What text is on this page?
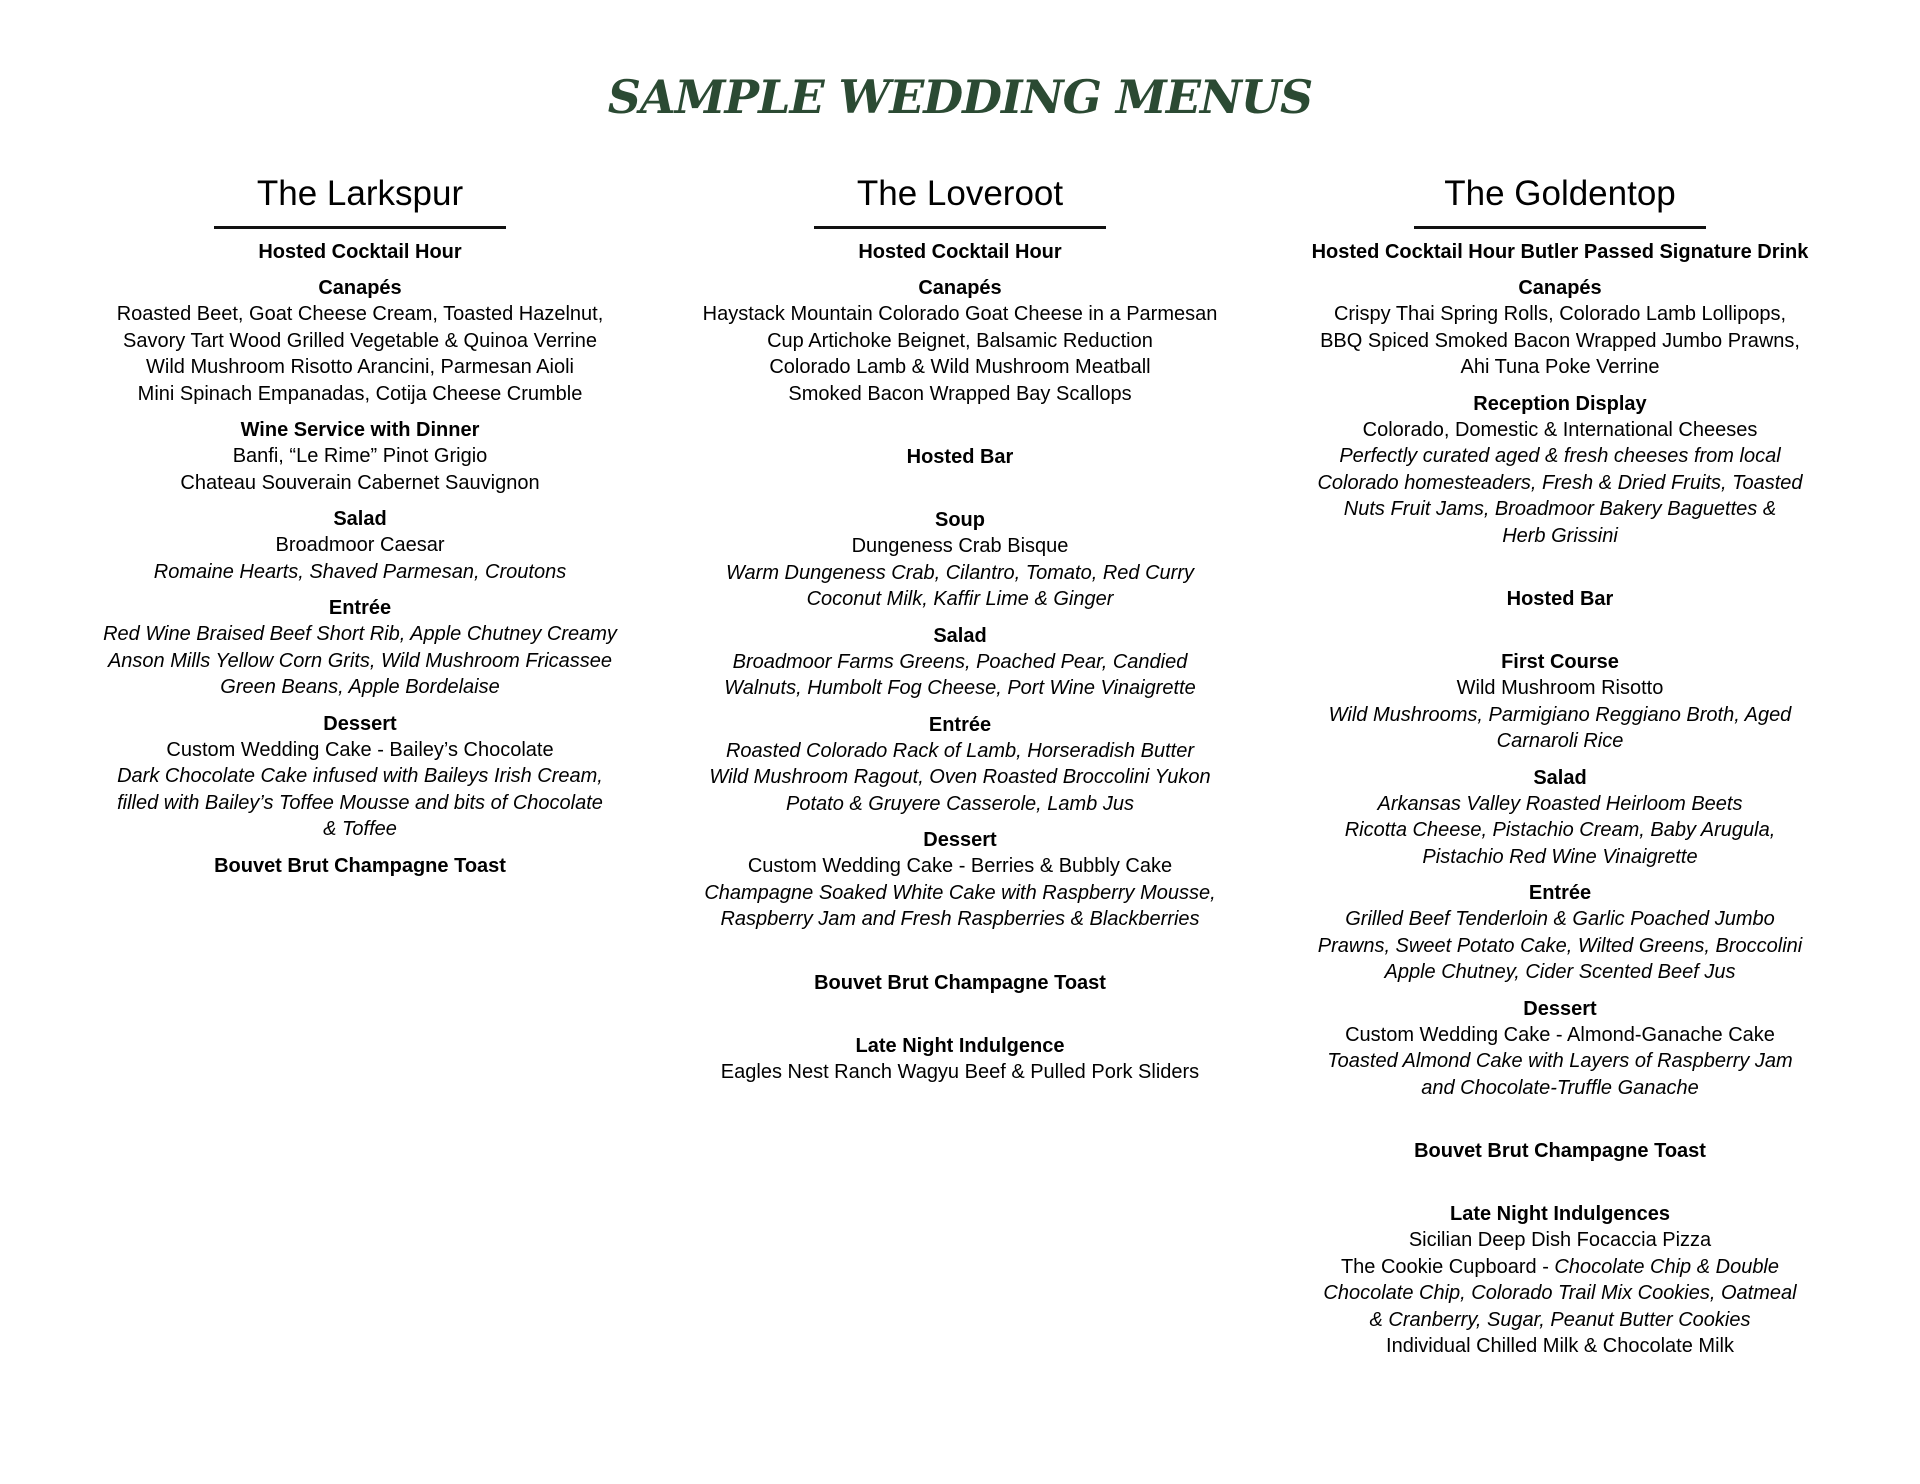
SAMPLE WEDDING MENUS
The Larkspur
Hosted Cocktail Hour
Canapés
Roasted Beet, Goat Cheese Cream, Toasted Hazelnut,
Savory Tart Wood Grilled Vegetable & Quinoa Verrine
Wild Mushroom Risotto Arancini, Parmesan Aioli
Mini Spinach Empanadas, Cotija Cheese Crumble
Wine Service with Dinner
Banfi, “Le Rime” Pinot Grigio
Chateau Souverain Cabernet Sauvignon
Salad
Broadmoor Caesar
Romaine Hearts, Shaved Parmesan, Croutons
Entrée
Red Wine Braised Beef Short Rib, Apple Chutney Creamy
Anson Mills Yellow Corn Grits, Wild Mushroom Fricassee
Green Beans, Apple Bordelaise
Dessert
Custom Wedding Cake - Bailey’s Chocolate
Dark Chocolate Cake infused with Baileys Irish Cream,
filled with Bailey’s Toffee Mousse and bits of Chocolate
& Toffee
Bouvet Brut Champagne Toast
The Loveroot
Hosted Cocktail Hour
Canapés
Haystack Mountain Colorado Goat Cheese in a Parmesan
Cup Artichoke Beignet, Balsamic Reduction
Colorado Lamb & Wild Mushroom Meatball
Smoked Bacon Wrapped Bay Scallops
Hosted Bar
Soup
Dungeness Crab Bisque
Warm Dungeness Crab, Cilantro, Tomato, Red Curry
Coconut Milk, Kaffir Lime & Ginger
Salad
Broadmoor Farms Greens, Poached Pear, Candied
Walnuts, Humbolt Fog Cheese, Port Wine Vinaigrette
Entrée
Roasted Colorado Rack of Lamb, Horseradish Butter
Wild Mushroom Ragout, Oven Roasted Broccolini Yukon
Potato & Gruyere Casserole, Lamb Jus
Dessert
Custom Wedding Cake - Berries & Bubbly Cake
Champagne Soaked White Cake with Raspberry Mousse,
Raspberry Jam and Fresh Raspberries & Blackberries
Bouvet Brut Champagne Toast
Late Night Indulgence
Eagles Nest Ranch Wagyu Beef & Pulled Pork Sliders
The Goldentop
Hosted Cocktail Hour Butler Passed Signature Drink
Canapés
Crispy Thai Spring Rolls, Colorado Lamb Lollipops,
BBQ Spiced Smoked Bacon Wrapped Jumbo Prawns,
Ahi Tuna Poke Verrine
Reception Display
Colorado, Domestic & International Cheeses
Perfectly curated aged & fresh cheeses from local
Colorado homesteaders, Fresh & Dried Fruits, Toasted
Nuts Fruit Jams, Broadmoor Bakery Baguettes &
Herb Grissini
Hosted Bar
First Course
Wild Mushroom Risotto
Wild Mushrooms, Parmigiano Reggiano Broth, Aged
Carnaroli Rice
Salad
Arkansas Valley Roasted Heirloom Beets
Ricotta Cheese, Pistachio Cream, Baby Arugula,
Pistachio Red Wine Vinaigrette
Entrée
Grilled Beef Tenderloin & Garlic Poached Jumbo
Prawns, Sweet Potato Cake, Wilted Greens, Broccolini
Apple Chutney, Cider Scented Beef Jus
Dessert
Custom Wedding Cake - Almond-Ganache Cake
Toasted Almond Cake with Layers of Raspberry Jam
and Chocolate-Truffle Ganache
Bouvet Brut Champagne Toast
Late Night Indulgences
Sicilian Deep Dish Focaccia Pizza
The Cookie Cupboard - Chocolate Chip & Double
Chocolate Chip, Colorado Trail Mix Cookies, Oatmeal
& Cranberry, Sugar, Peanut Butter Cookies
Individual Chilled Milk & Chocolate Milk
